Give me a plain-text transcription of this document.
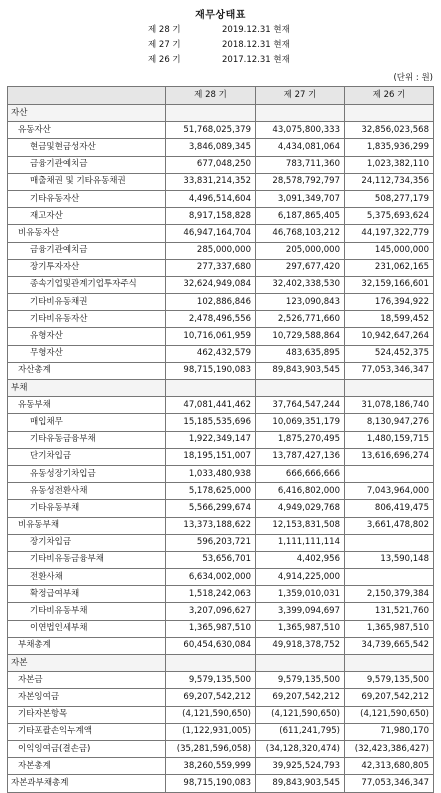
재무상태표
제 28 기	2019.12.31 현재
제 27 기	2018.12.31 현재
제 26 기	2017.12.31 현재
(단위 : 원)
	제 28 기	제 27 기	제 26 기
자산			
유동자산	51,768,025,379	43,075,800,333	32,856,023,568
현금및현금성자산	3,846,089,345	4,434,081,064	1,835,936,299
금융기관예치금	677,048,250	783,711,360	1,023,382,110
매출채권 및 기타유동채권	33,831,214,352	28,578,792,797	24,112,734,356
기타유동자산	4,496,514,604	3,091,349,707	508,277,179
재고자산	8,917,158,828	6,187,865,405	5,375,693,624
비유동자산	46,947,164,704	46,768,103,212	44,197,322,779
금융기관예치금	285,000,000	205,000,000	145,000,000
장기투자자산	277,337,680	297,677,420	231,062,165
종속기업및관계기업투자주식	32,624,949,084	32,402,338,530	32,159,166,601
기타비유동채권	102,886,846	123,090,843	176,394,922
기타비유동자산	2,478,496,556	2,526,771,660	18,599,452
유형자산	10,716,061,959	10,729,588,864	10,942,647,264
무형자산	462,432,579	483,635,895	524,452,375
자산총계	98,715,190,083	89,843,903,545	77,053,346,347
부채			
유동부채	47,081,441,462	37,764,547,244	31,078,186,740
매입채무	15,185,535,696	10,069,351,179	8,130,947,276
기타유동금융부채	1,922,349,147	1,875,270,495	1,480,159,715
단기차입금	18,195,151,007	13,787,427,136	13,616,696,274
유동성장기차입금	1,033,480,938	666,666,666	
유동성전환사채	5,178,625,000	6,416,802,000	7,043,964,000
기타유동부채	5,566,299,674	4,949,029,768	806,419,475
비유동부채	13,373,188,622	12,153,831,508	3,661,478,802
장기차입금	596,203,721	1,111,111,114	
기타비유동금융부채	53,656,701	4,402,956	13,590,148
전환사채	6,634,002,000	4,914,225,000	
확정급여부채	1,518,242,063	1,359,010,031	2,150,379,384
기타비유동부채	3,207,096,627	3,399,094,697	131,521,760
이연법인세부채	1,365,987,510	1,365,987,510	1,365,987,510
부채총계	60,454,630,084	49,918,378,752	34,739,665,542
자본			
자본금	9,579,135,500	9,579,135,500	9,579,135,500
자본잉여금	69,207,542,212	69,207,542,212	69,207,542,212
기타자본항목	(4,121,590,650)	(4,121,590,650)	(4,121,590,650)
기타포괄손익누계액	(1,122,931,005)	(611,241,795)	71,980,170
이익잉여금(결손금)	(35,281,596,058)	(34,128,320,474)	(32,423,386,427)
자본총계	38,260,559,999	39,925,524,793	42,313,680,805
자본과부채총계	98,715,190,083	89,843,903,545	77,053,346,347
